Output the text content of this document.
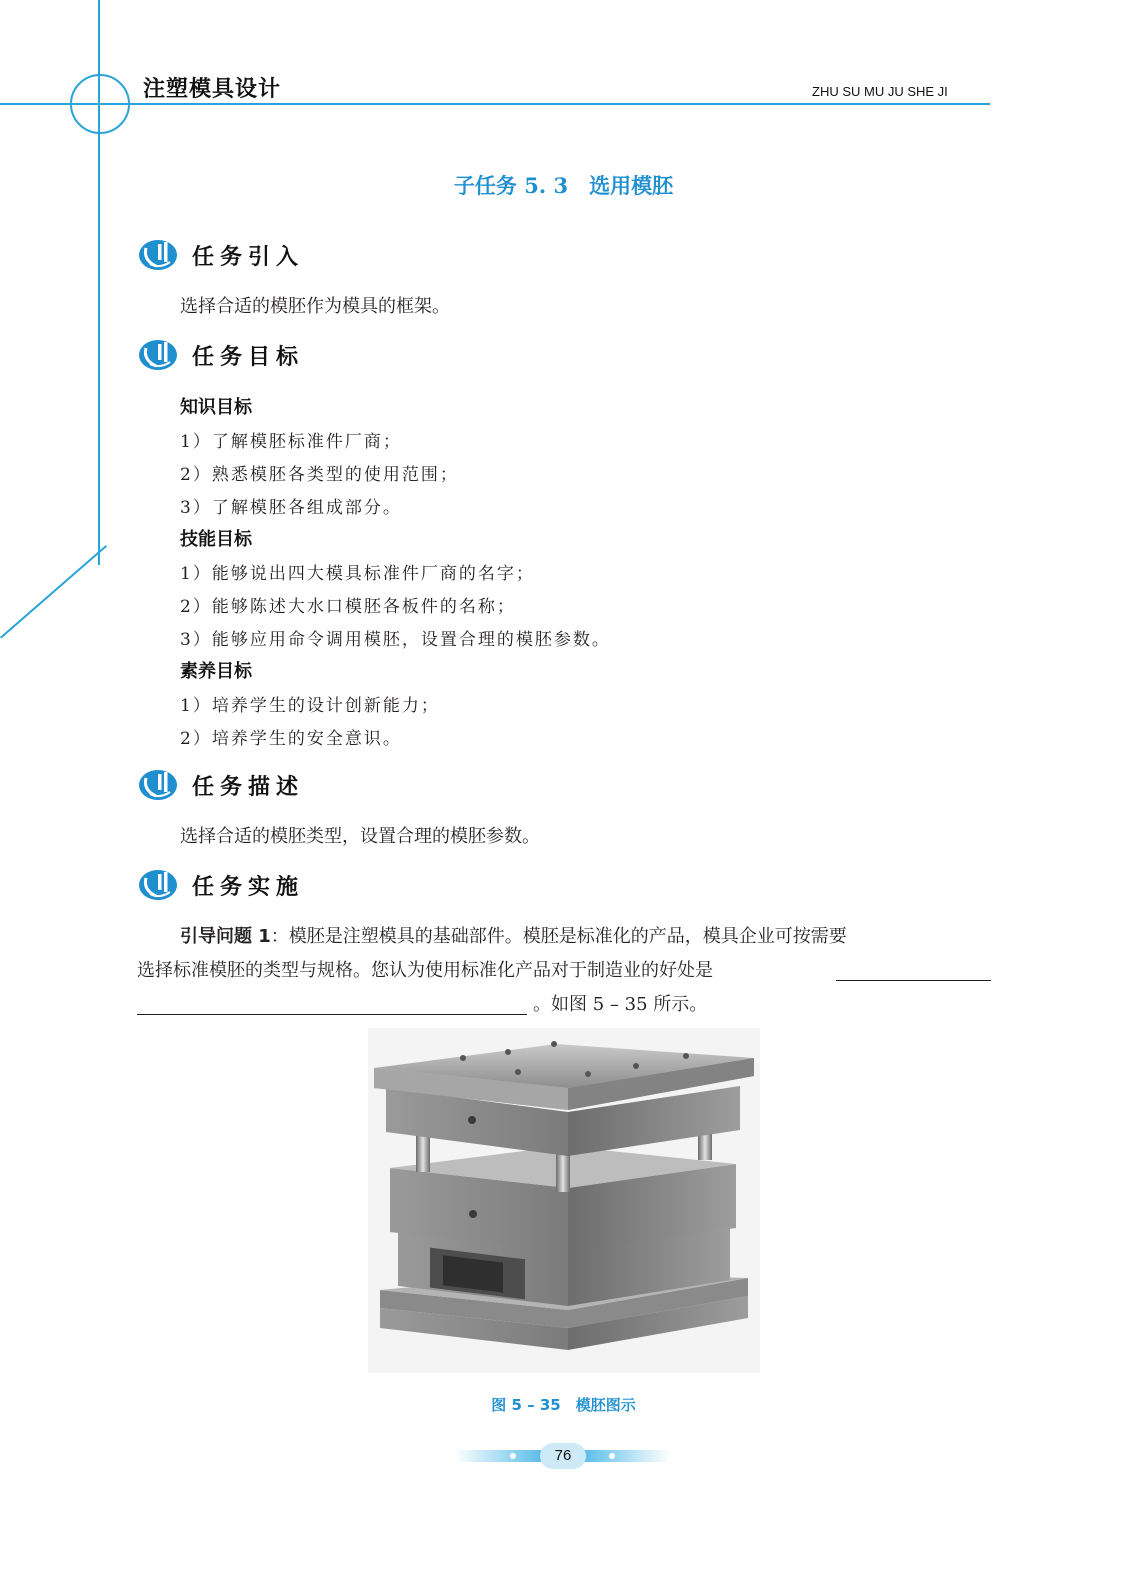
注塑模具设计	ZHU SU MU JU SHE JI
子任务 5. 3　选用模胚
任务引入
选择合适的模胚作为模具的框架。
任务目标
知识目标
1）了解模胚标准件厂商；
2）熟悉模胚各类型的使用范围；
3）了解模胚各组成部分。
技能目标
1）能够说出四大模具标准件厂商的名字；
2）能够陈述大水口模胚各板件的名称；
3）能够应用命令调用模胚，设置合理的模胚参数。
素养目标
1）培养学生的设计创新能力；
2）培养学生的安全意识。
任务描述
选择合适的模胚类型，设置合理的模胚参数。
任务实施
引导问题 1：模胚是注塑模具的基础部件。模胚是标准化的产品，模具企业可按需要
选择标准模胚的类型与规格。您认为使用标准化产品对于制造业的好处是
。如图 5 – 35 所示。
图 5 – 35　模胚图示
76
